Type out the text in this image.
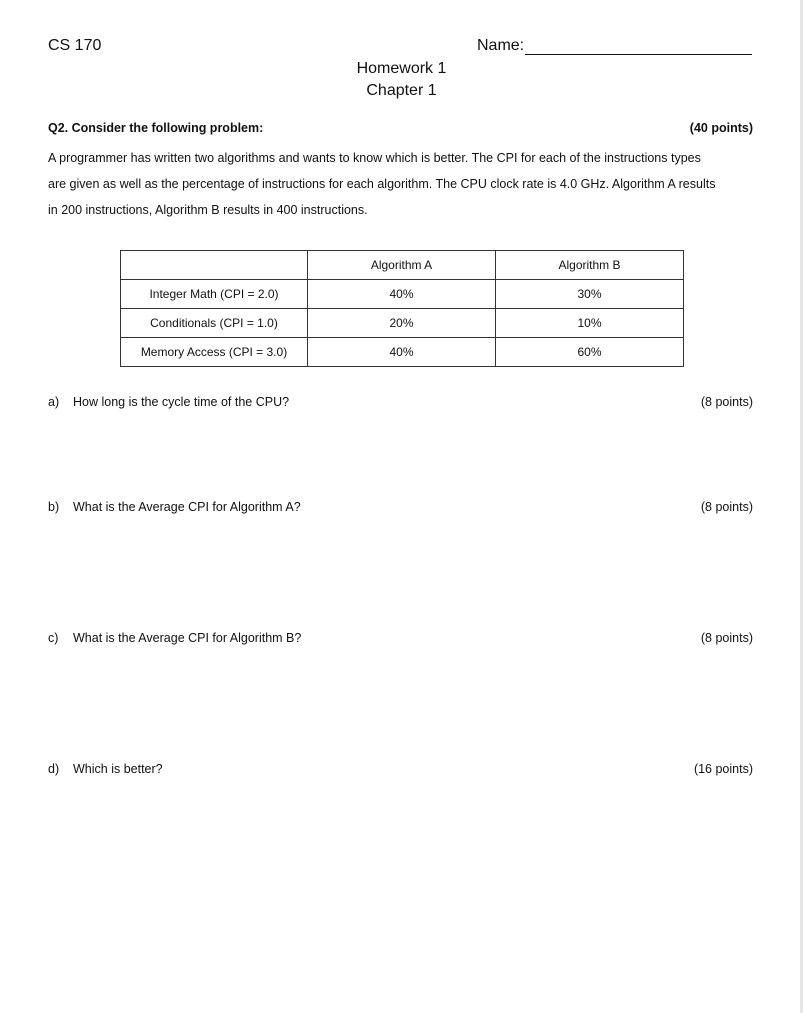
CS 170	Name:
Homework 1
Chapter 1
Q2. Consider the following problem:	(40 points)
A programmer has written two algorithms and wants to know which is better. The CPI for each of the instructions types
are given as well as the percentage of instructions for each algorithm. The CPU clock rate is 4.0 GHz. Algorithm A results
in 200 instructions, Algorithm B results in 400 instructions.
	Algorithm A	Algorithm B
Integer Math (CPI = 2.0)	40%	30%
Conditionals (CPI = 1.0)	20%	10%
Memory Access (CPI = 3.0)	40%	60%
a) How long is the cycle time of the CPU?	(8 points)
b) What is the Average CPI for Algorithm A?	(8 points)
c) What is the Average CPI for Algorithm B?	(8 points)
d) Which is better?	(16 points)
